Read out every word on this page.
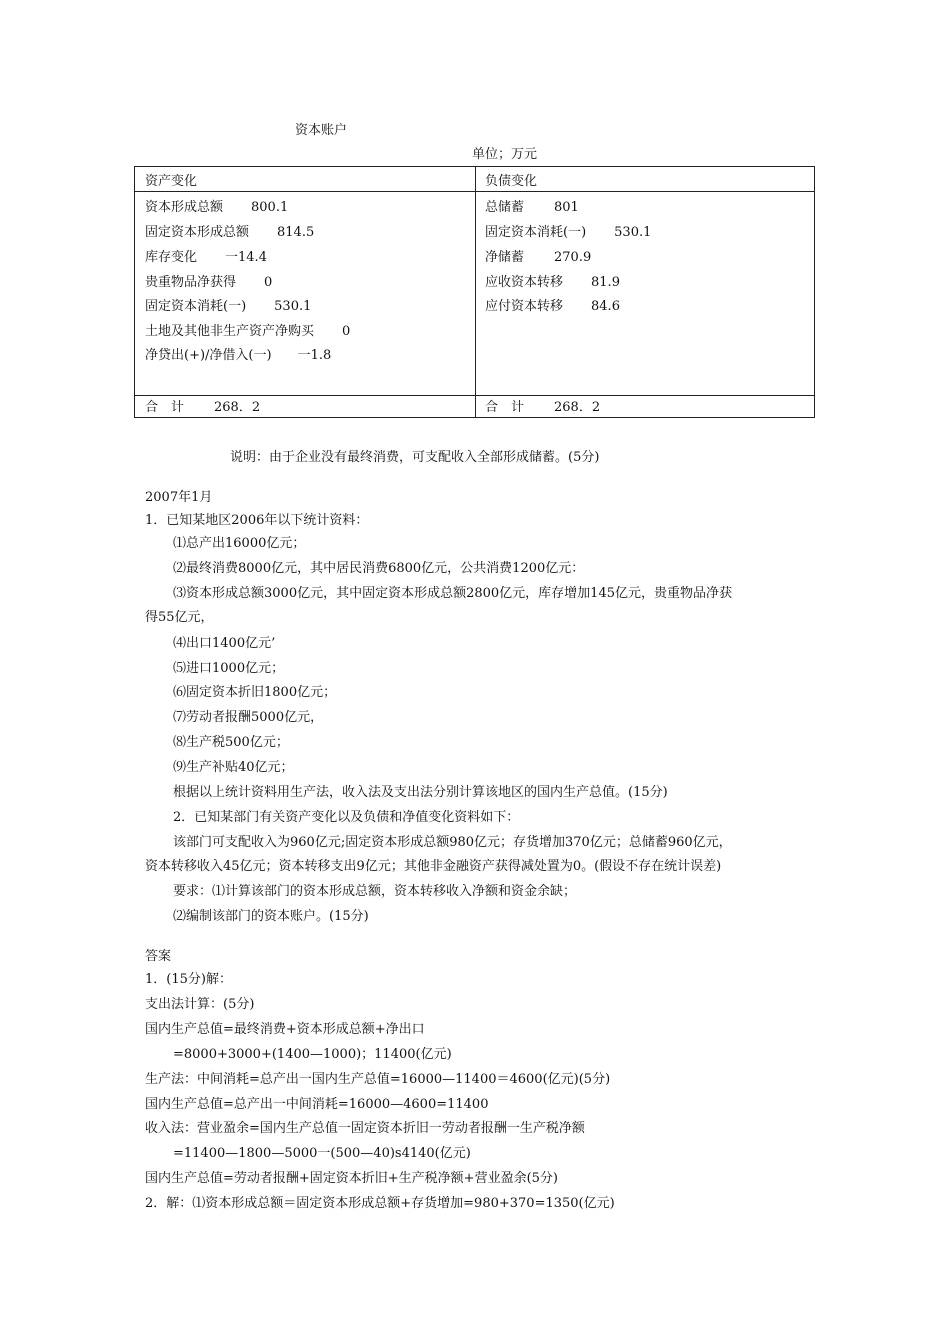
资本账户
单位；万元
资产变化	负债变化
资本形成总额 800.1
固定资本形成总额 814.5
库存变化 一14.4
贵重物品净获得 0
固定资本消耗(一) 530.1
土地及其他非生产资产净购买 0
净贷出(+)/净借入(一) 一1.8
总储蓄 801
固定资本消耗(一) 530.1
净储蓄 270.9
应收资本转移 81.9
应付资本转移 84.6
合　计 268．2	合　计 268．2
说明：由于企业没有最终消费，可支配收入全部形成储蓄。(5分)
2007年1月
1．已知某地区2006年以下统计资料：
⑴总产出16000亿元；
⑵最终消费8000亿元，其中居民消费6800亿元，公共消费1200亿元：
⑶资本形成总额3000亿元，其中固定资本形成总额2800亿元，库存增加145亿元，贵重物品净获
得55亿元，
⑷出口1400亿元’
⑸进口1000亿元；
⑹固定资本折旧1800亿元；
⑺劳动者报酬5000亿元，
⑻生产税500亿元；
⑼生产补贴40亿元；
根据以上统计资料用生产法，收入法及支出法分别计算该地区的国内生产总值。(15分)
2．已知某部门有关资产变化以及负债和净值变化资料如下：
该部门可支配收入为960亿元;固定资本形成总额980亿元；存货增加370亿元；总储蓄960亿元，
资本转移收入45亿元；资本转移支出9亿元；其他非金融资产获得减处置为0。(假设不存在统计误差)
要求：⑴计算该部门的资本形成总额，资本转移收入净额和资金余缺；
⑵编制该部门的资本账户。(15分)
答案
1．(15分)解：
支出法计算：(5分)
国内生产总值=最终消费+资本形成总额+净出口
=8000+3000+(1400—1000)；11400(亿元)
生产法：中间消耗=总产出一国内生产总值=16000—11400＝4600(亿元)(5分)
国内生产总值=总产出一中间消耗=16000—4600=11400
收入法：营业盈余=国内生产总值一固定资本折旧一劳动者报酬一生产税净额
=11400—1800—5000一(500—40)s4140(亿元)
国内生产总值=劳动者报酬+固定资本折旧+生产税净额+营业盈余(5分)
2．解：⑴资本形成总额＝固定资本形成总额+存货增加=980+370=1350(亿元)
